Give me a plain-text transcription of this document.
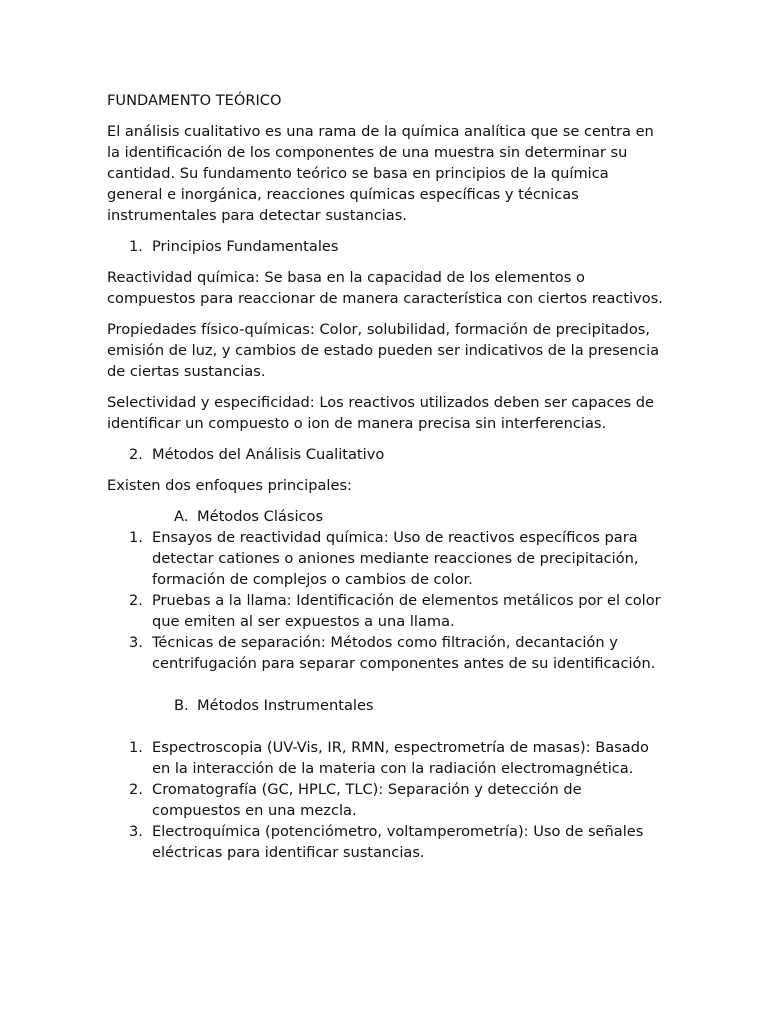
FUNDAMENTO TEÓRICO

El análisis cualitativo es una rama de la química analítica que se centra en la identificación de los componentes de una muestra sin determinar su cantidad. Su fundamento teórico se basa en principios de la química general e inorgánica, reacciones químicas específicas y técnicas instrumentales para detectar sustancias.

1. Principios Fundamentales

Reactividad química: Se basa en la capacidad de los elementos o compuestos para reaccionar de manera característica con ciertos reactivos.

Propiedades físico-químicas: Color, solubilidad, formación de precipitados, emisión de luz, y cambios de estado pueden ser indicativos de la presencia de ciertas sustancias.

Selectividad y especificidad: Los reactivos utilizados deben ser capaces de identificar un compuesto o ion de manera precisa sin interferencias.

2. Métodos del Análisis Cualitativo

Existen dos enfoques principales:

A. Métodos Clásicos
1. Ensayos de reactividad química: Uso de reactivos específicos para detectar cationes o aniones mediante reacciones de precipitación, formación de complejos o cambios de color.
2. Pruebas a la llama: Identificación de elementos metálicos por el color que emiten al ser expuestos a una llama.
3. Técnicas de separación: Métodos como filtración, decantación y centrifugación para separar componentes antes de su identificación.
B. Métodos Instrumentales
1. Espectroscopia (UV-Vis, IR, RMN, espectrometría de masas): Basado en la interacción de la materia con la radiación electromagnética.
2. Cromatografía (GC, HPLC, TLC): Separación y detección de compuestos en una mezcla.
3. Electroquímica (potenciómetro, voltamperometría): Uso de señales eléctricas para identificar sustancias.
